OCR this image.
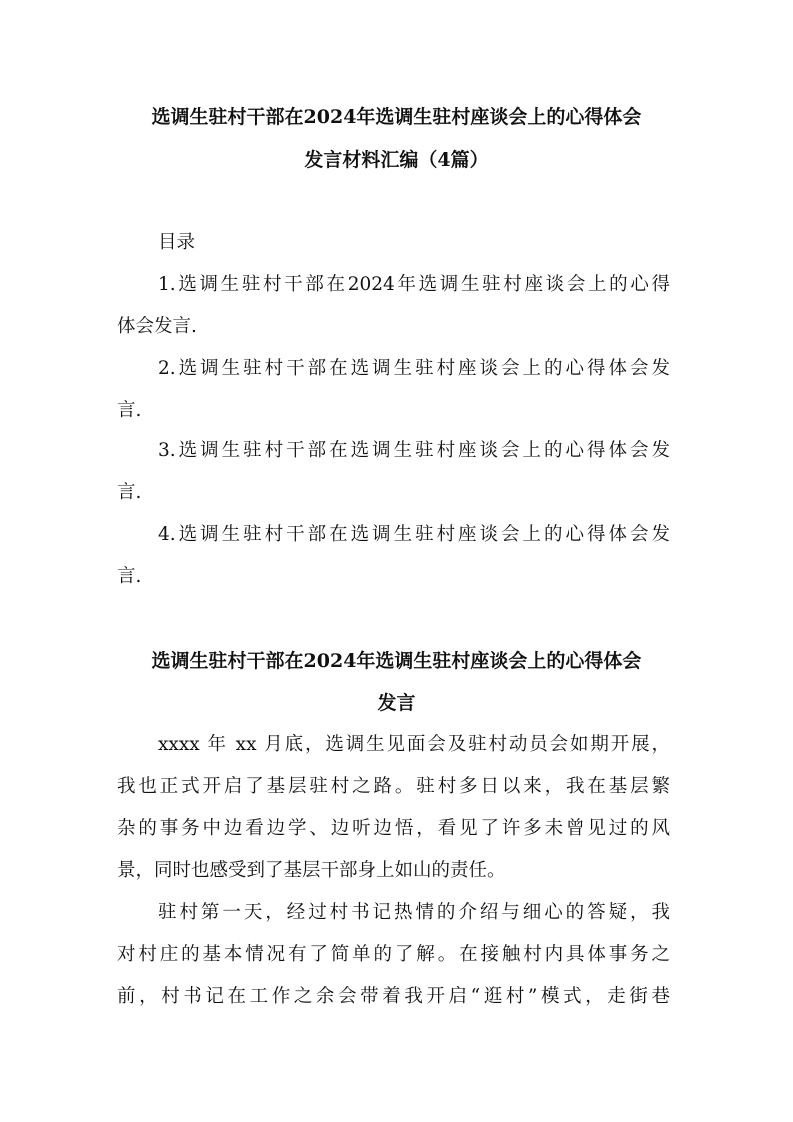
选调生驻村干部在2024年选调生驻村座谈会上的心得体会
发言材料汇编（4篇）
目录
1.选调生驻村干部在2024年选调生驻村座谈会上的心得
体会发言.
2.选调生驻村干部在选调生驻村座谈会上的心得体会发
言.
3.选调生驻村干部在选调生驻村座谈会上的心得体会发
言.
4.选调生驻村干部在选调生驻村座谈会上的心得体会发
言.
选调生驻村干部在2024年选调生驻村座谈会上的心得体会
发言
xxxx 年 xx 月底，选调生见面会及驻村动员会如期开展，
我也正式开启了基层驻村之路。驻村多日以来，我在基层繁
杂的事务中边看边学、边听边悟，看见了许多未曾见过的风
景，同时也感受到了基层干部身上如山的责任。
驻村第一天，经过村书记热情的介绍与细心的答疑，我
对村庄的基本情况有了简单的了解。在接触村内具体事务之
前，村书记在工作之余会带着我开启“逛村”模式，走街巷
